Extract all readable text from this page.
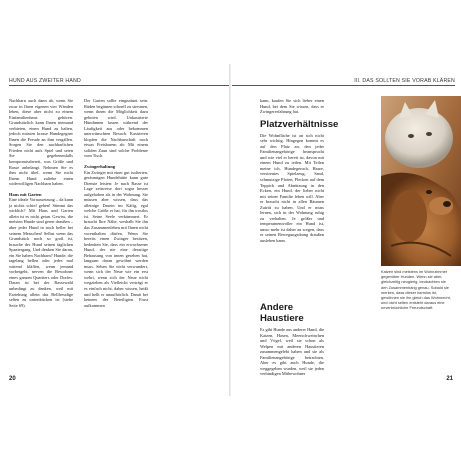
HUND AUS ZWEITER HAND

Nachbarn auch dann ab, wenn Sie zwar in Ihren eigenen vier Wänden leben, diese aber nicht zu einem Einfamilienhaus gehören. Grundsätzlich kann Ihnen niemand verbieten, einen Hund zu halten, jedoch müssen krasse Hundegegner Ihnen die Freude an ihm vergällen. Sorgen Sie den nachbarlichen Frieden nicht aufs Spiel und seien Sie gegebenenfalls kompromissbereit, was Größe und Rasse anbelangt. Nehmen Sie es ihm nicht übel, wenn Sie nicht Ihrem Hund zuliebe einen widerwilligen Nachbarn haben.

Haus mit Garten

Eine ideale Voraussetzung – da kann ja nichts schief gehen! Stimmt das wirklich? Mit Haus und Garten allein ist es nicht getan. Gewiss, die meisten Hunde sind gerne draußen – aber jeder Hund in noch heller bei seinem Menschen! Selbst wenn das Grundstück noch so groß ist, brauche der Hund seinen täglichen Spaziergang. Und denken Sie daran, ein Sie haben Nachbarn? Hunde, die tagelang bellen oder jedes mal wütend kläffen, wenn jemand vorbeigeht, nerven die Bewohner eines ganzen Quartiers oder Dorfes. Daran ist bei der Rassewahl unbedingt zu denken, weil mit Erziehung allein das Bellfreudige selten zu unterdrücken ist (siehe Seite 69).

Der Garten sollte eingezäunt sein. Rüden beginnen schnell zu streunen, wenn ihnen die Möglichkeit dazu geboten wird. Unkastrierte Hündinnen lassen während der Läufigkeit aus oder bekommen unerwünschten Besuch. Kastrieren klopfen die Nachbarschaft noch etwas Freisbarem ab: Mit einem soliden Zaun sind solche Probleme vom Tisch.

Zwingerhaltung

Ein Zwinger mit einer gut isolierten, geräumigen Hundehütte kann gute Dienste leisten: Je nach Rasse ist Lage zeitweise dort sogar besser aufgehoben als in der Wohnung. Sie müssen aber wissen, dass das alleinige Dasein im Käfig, egal welche Größe er hat, für ihn trostlos ist. Seine Seele verkümmert. Er braucht Ihre Nähe, weshalb Sie ihn das Zusammenleben mit Ihnen nicht vorenthalten dürfen. Wenn Sie bereits einen Zwinger besitzen, bedenken Sie, dass ein erwachsener Hund, der nie eine derartige Behausung von innen gesehen hat, langsam daran gewöhnt werden muss. Sehen Sie nicht verwundert, wenn sich der Neue wie ein erst wehrt, wenn sich der Neue nicht wegziehen als Vielleicht verträgt er es einfach nicht, daher wissen, heißt und hellt er unaufhörlich. Damit bei keinem der Beteiligten Frust aufkommen

20
III. DAS SOLLTEN SIE VORAB KLÄREN

kann, kaufen Sie sich lieber einen Hund, bei dem Sie wissen, dass er Zwingererfahrung hat.

Platzverhältnisse

Die Wohnfläche ist an sich nicht sehr wichtig. Hingegen kommt es auf den Platz an, den jeder Familienangehörige beansprucht und wie viel er bereit ist, davon mit einem Hund zu teilen. Mit Teilen meine ich, Hundegeruch, Haare, verstreutes Spielzeug, Sand, schmutzige Pfoten, Flecken auf dem Teppich und Abnützung in den Ecken, ein Hund, der lieber nicht mit seiner Familie leben will. Aber er braucht nicht in allen Räumen Zutritt zu haben. Und er muss lernen, sich in der Wohnung ruhig zu verhalten. Je größer und temperamentvoller ein Hund ist, umso mehr ist daher zu sorgen, dass er seinen Bewegungsdrang draußen ausleben kann.

Andere Haustiere

Es gibt Hunde aus anderer Hand, die Katzen, Hasen, Meerschweinchen und Vögel, weil sie schon als Welpen mit anderen Haustieren zusammengelebt haben und sie als Familienangehörige betrachten. Aber es gibt auch Hunde, die weggegeben wurden, weil sie jeden verbindigen Mitbewohner

21
Katzen sind meistens im Wohnzimmer gegenüber Hunden. Wenn sie aber, gleichzeitig neugierig, beobachten sie den Zusammenhang genau. Sobald sie merken, dass dieser harmlos ist, gewöhnen sie ihn gleich das Wohnrecht, und nicht selten entsteht daraus eine unverbrüchliche Freundschaft.
